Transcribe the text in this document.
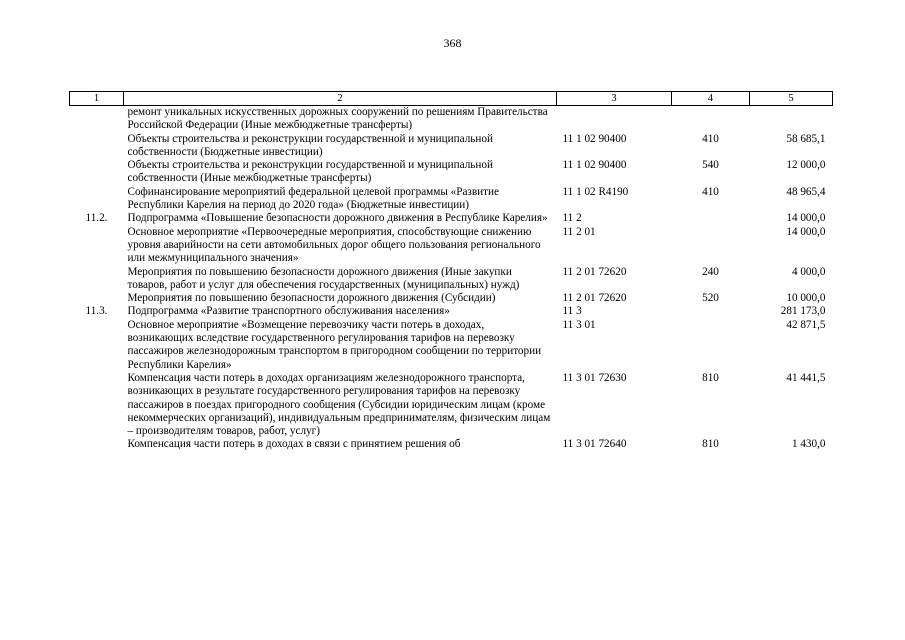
368
1	2	3	4	5
	ремонт уникальных искусственных дорожных сооружений по решениям Правительства Российской Федерации (Иные межбюджетные трансферты)			
	Объекты строительства и реконструкции государственной и муниципальной собственности (Бюджетные инвестиции)	11 1 02 90400	410	58 685,1
	Объекты строительства и реконструкции государственной и муниципальной собственности (Иные межбюджетные трансферты)	11 1 02 90400	540	12 000,0
	Софинансирование мероприятий федеральной целевой программы «Развитие Республики Карелия на период до 2020 года» (Бюджетные инвестиции)	11 1 02 R4190	410	48 965,4
11.2.	Подпрограмма «Повышение безопасности дорожного движения в Республике Карелия»	11 2		14 000,0
	Основное мероприятие «Первоочередные мероприятия, способствующие снижению уровня аварийности на сети автомобильных дорог общего пользования регионального или межмуниципального значения»	11 2 01		14 000,0
	Мероприятия по повышению безопасности дорожного движения (Иные закупки товаров, работ и услуг для обеспечения государственных (муниципальных) нужд)	11 2 01 72620	240	4 000,0
	Мероприятия по повышению безопасности дорожного движения (Субсидии)	11 2 01 72620	520	10 000,0
11.3.	Подпрограмма «Развитие транспортного обслуживания населения»	11 3		281 173,0
	Основное мероприятие «Возмещение перевозчику части потерь в доходах, возникающих вследствие государственного регулирования тарифов на перевозку пассажиров железнодорожным транспортом в пригородном сообщении по территории Республики Карелия»	11 3 01		42 871,5
	Компенсация части потерь в доходах организациям железнодорожного транспорта, возникающих в результате государственного регулирования тарифов на перевозку пассажиров в поездах пригородного сообщения (Субсидии юридическим лицам (кроме некоммерческих организаций), индивидуальным предпринимателям, физическим лицам – производителям товаров, работ, услуг)	11 3 01 72630	810	41 441,5
	Компенсация части потерь в доходах в связи с принятием решения об	11 3 01 72640	810	1 430,0
